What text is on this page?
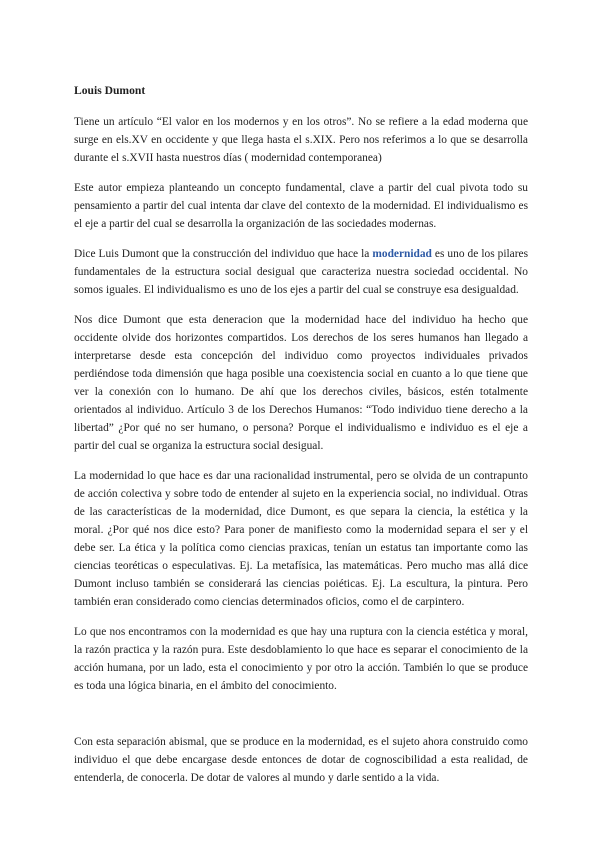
Louis Dumont

Tiene un artículo “El valor en los modernos y en los otros”. No se refiere a la edad moderna que surge en els.XV en occidente y que llega hasta el s.XIX. Pero nos referimos a lo que se desarrolla durante el s.XVII hasta nuestros días ( modernidad contemporanea)

Este autor empieza planteando un concepto fundamental, clave a partir del cual pivota todo su pensamiento a partir del cual intenta dar clave del contexto de la modernidad. El individualismo es el eje a partir del cual se desarrolla la organización de las sociedades modernas.

Dice Luis Dumont que la construcción del individuo que hace la modernidad es uno de los pilares fundamentales de la estructura social desigual que caracteriza nuestra sociedad occidental. No somos iguales. El individualismo es uno de los ejes a partir del cual se construye esa desigualdad.

Nos dice Dumont que esta deneracion que la modernidad hace del individuo ha hecho que occidente olvide dos horizontes compartidos. Los derechos de los seres humanos han llegado a interpretarse desde esta concepción del individuo como proyectos individuales privados perdiéndose toda dimensión que haga posible una coexistencia social en cuanto a lo que tiene que ver la conexión con lo humano. De ahí que los derechos civiles, básicos, estén totalmente orientados al individuo. Artículo 3 de los Derechos Humanos: “Todo individuo tiene derecho a la libertad” ¿Por qué no ser humano, o persona? Porque el individualismo e individuo es el eje a partir del cual se organiza la estructura social desigual.

La modernidad lo que hace es dar una racionalidad instrumental, pero se olvida de un contrapunto de acción colectiva y sobre todo de entender al sujeto en la experiencia social, no individual. Otras de las características de la modernidad, dice Dumont, es que separa la ciencia, la estética y la moral. ¿Por qué nos dice esto? Para poner de manifiesto como la modernidad separa el ser y el debe ser. La ética y la política como ciencias praxicas, tenían un estatus tan importante como las ciencias teoréticas o especulativas. Ej. La metafísica, las matemáticas. Pero mucho mas allá dice Dumont incluso también se considerará las ciencias poiéticas. Ej. La escultura, la pintura. Pero también eran considerado como ciencias determinados oficios, como el de carpintero.

Lo que nos encontramos con la modernidad es que hay una ruptura con la ciencia estética y moral, la razón practica y la razón pura. Este desdoblamiento lo que hace es separar el conocimiento de la acción humana, por un lado, esta el conocimiento y por otro la acción. También lo que se produce es toda una lógica binaria, en el ámbito del conocimiento.

Con esta separación abismal, que se produce en la modernidad, es el sujeto ahora construido como individuo el que debe encargase desde entonces de dotar de cognoscibilidad a esta realidad, de entenderla, de conocerla. De dotar de valores al mundo y darle sentido a la vida.
